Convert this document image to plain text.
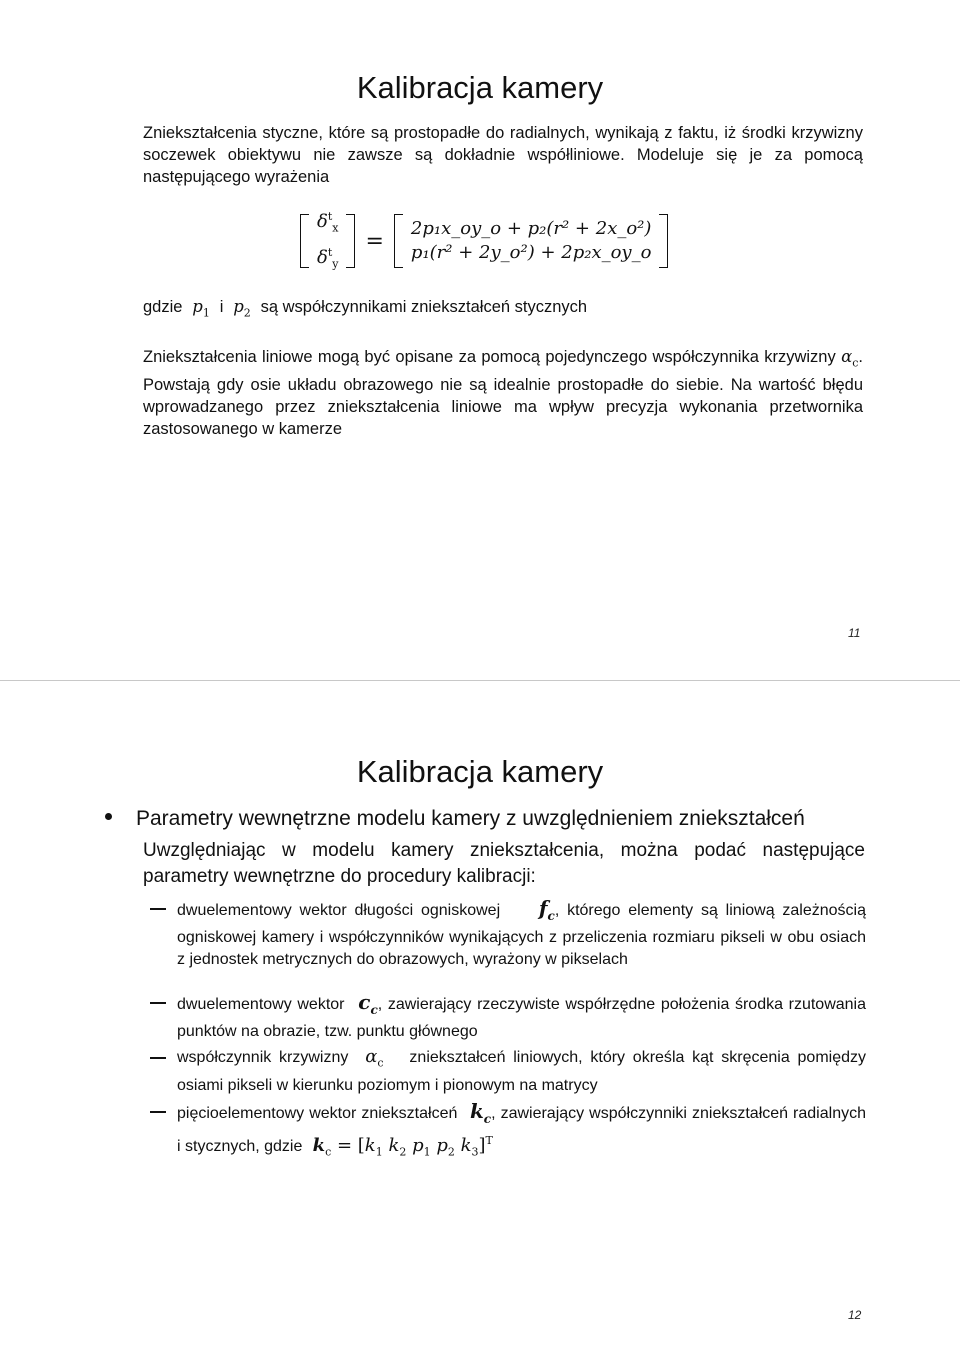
Kalibracja kamery
Zniekształcenia styczne, które są prostopadłe do radialnych, wynikają z faktu, iż środki krzywizny soczewek obiektywu nie zawsze są dokładnie współliniowe. Modeluje się je za pomocą następującego wyrażenia
$\delta^t_x$
$\delta^t_y$
=	2p₁x_oy_o + p₂(r² + 2x_o²)
p₁(r² + 2y_o²) + 2p₂x_oy_o
gdzie  $p_1$ i  $p_2$ są współczynnikami zniekształceń stycznych
Zniekształcenia liniowe mogą być opisane za pomocą pojedynczego współczynnika krzywizny $\alpha_c$. Powstają gdy osie układu obrazowego nie są idealnie prostopadłe do siebie. Na wartość błędu wprowadzanego przez zniekształcenia liniowe ma wpływ precyzja wykonania przetwornika zastosowanego w kamerze
11
Kalibracja kamery
Parametry wewnętrzne modelu kamery z uwzględnieniem zniekształceń
Uwzględniając w modelu kamery zniekształcenia, można podać następujące parametry wewnętrzne do procedury kalibracji:
dwuelementowy wektor długości ogniskowej    $f_c$, którego elementy są liniową zależnością ogniskowej kamery i współczynników wynikających z przeliczenia rozmiaru pikseli w obu osiach z jednostek metrycznych do obrazowych, wyrażony w pikselach
dwuelementowy wektor  $c_c$, zawierający rzeczywiste współrzędne położenia środka rzutowania punktów na obrazie, tzw. punktu głównego
współczynnik krzywizny  $\alpha_c$ zniekształceń liniowych, który określa kąt skręcenia pomiędzy osiami pikseli w kierunku poziomym i pionowym na matrycy
pięcioelementowy wektor zniekształceń  $k_c$, zawierający współczynniki zniekształceń radialnych i stycznych, gdzie $k_c = [k_1$ $k_2$ $p_1$ $p_2$ $k_3]^T$
12
